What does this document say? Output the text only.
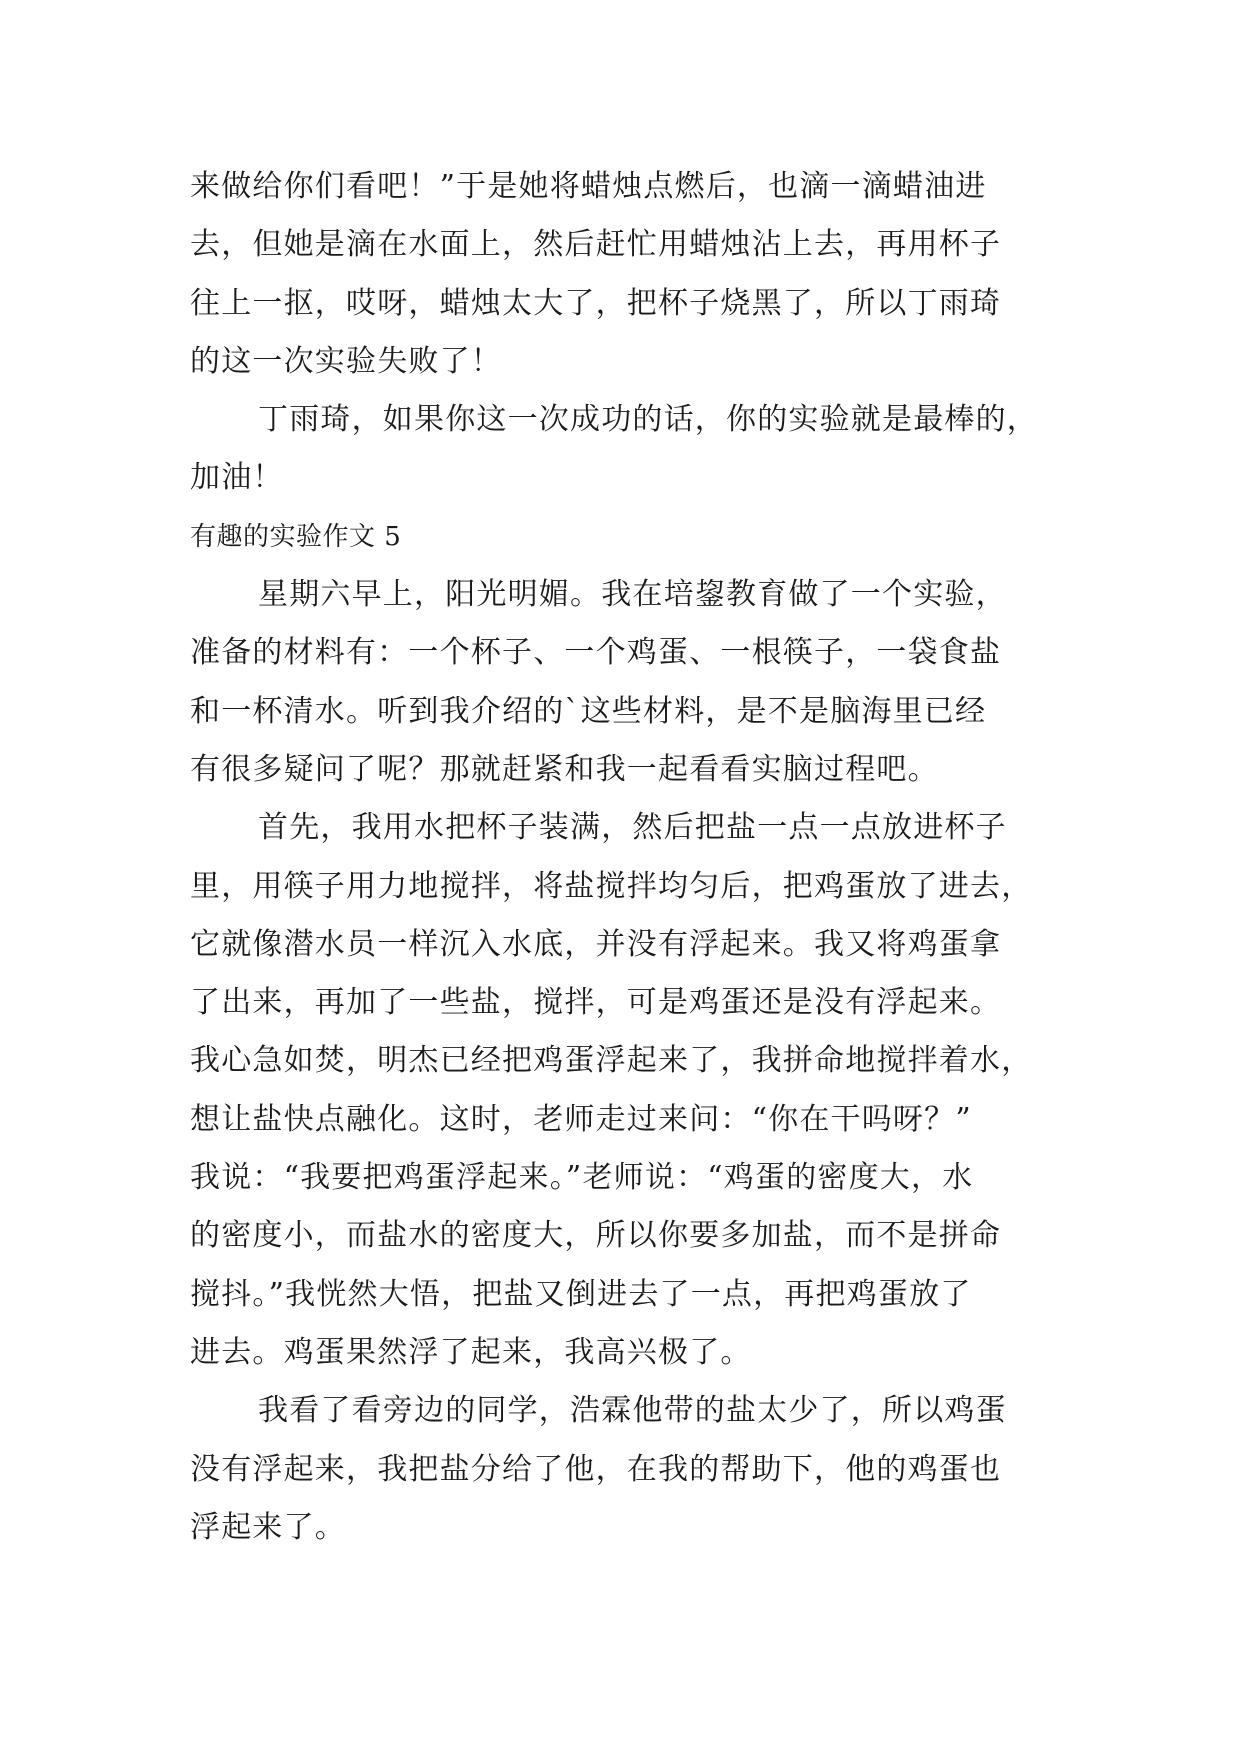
来做给你们看吧！”于是她将蜡烛点燃后，也滴一滴蜡油进
去，但她是滴在水面上，然后赶忙用蜡烛沾上去，再用杯子
往上一抠，哎呀，蜡烛太大了，把杯子烧黑了，所以丁雨琦
的这一次实验失败了！
丁雨琦，如果你这一次成功的话，你的实验就是最棒的，
加油！
有趣的实验作文 5
星期六早上，阳光明媚。我在培鋆教育做了一个实验，
准备的材料有：一个杯子、一个鸡蛋、一根筷子，一袋食盐
和一杯清水。听到我介绍的`这些材料，是不是脑海里已经
有很多疑问了呢？那就赶紧和我一起看看实脑过程吧。
首先，我用水把杯子装满，然后把盐一点一点放进杯子
里，用筷子用力地搅拌，将盐搅拌均匀后，把鸡蛋放了进去，
它就像潜水员一样沉入水底，并没有浮起来。我又将鸡蛋拿
了出来，再加了一些盐，搅拌，可是鸡蛋还是没有浮起来。
我心急如焚，明杰已经把鸡蛋浮起来了，我拼命地搅拌着水，
想让盐快点融化。这时，老师走过来问：“你在干吗呀？”
我说：“我要把鸡蛋浮起来。”老师说：“鸡蛋的密度大，水
的密度小，而盐水的密度大，所以你要多加盐，而不是拼命
搅抖。”我恍然大悟，把盐又倒进去了一点，再把鸡蛋放了
进去。鸡蛋果然浮了起来，我高兴极了。
我看了看旁边的同学，浩霖他带的盐太少了，所以鸡蛋
没有浮起来，我把盐分给了他，在我的帮助下，他的鸡蛋也
浮起来了。
